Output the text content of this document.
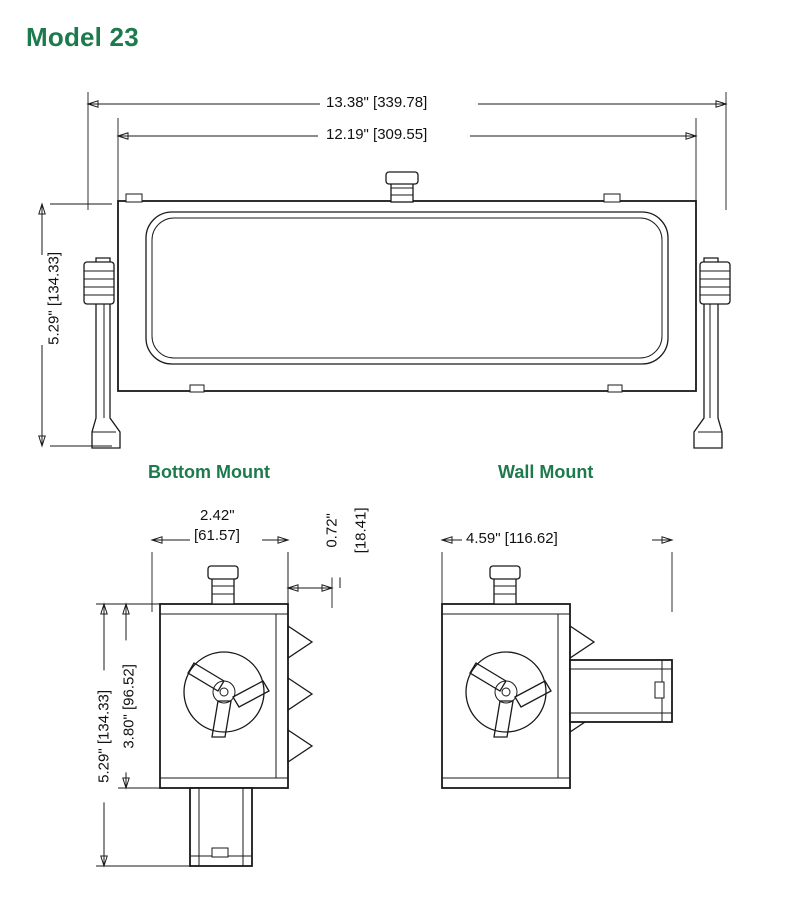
Model 23
13.38" [339.78]
12.19" [309.55]
5.29" [134.33]
Bottom Mount	Wall Mount
2.42"
[61.57]	0.72" [18.41]
3.80" [96.52]
5.29" [134.33]
4.59" [116.62]
